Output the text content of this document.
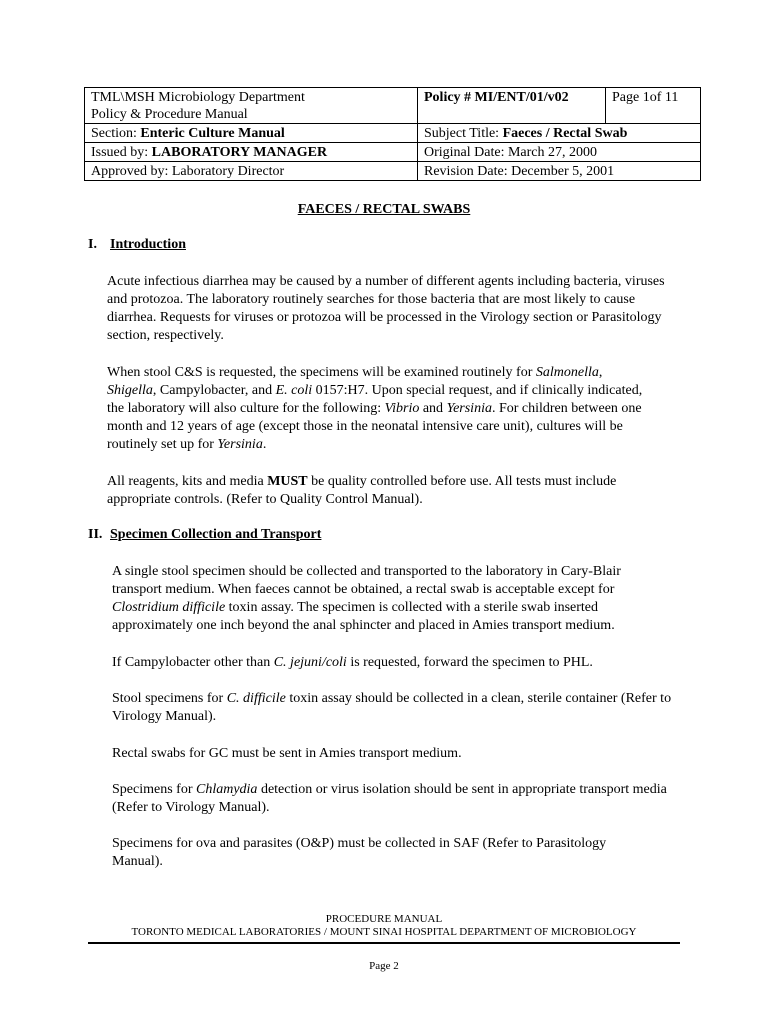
TML\MSH Microbiology Department
Policy & Procedure Manual	Policy # MI/ENT/01/v02	Page 1of 11
Section: Enteric Culture Manual	Subject Title: Faeces / Rectal Swab	
Issued by: LABORATORY MANAGER	Original Date: March 27, 2000	
Approved by: Laboratory Director	Revision Date: December 5, 2001	
FAECES / RECTAL SWABS
I. Introduction

Acute infectious diarrhea may be caused by a number of different agents including bacteria, viruses and protozoa. The laboratory routinely searches for those bacteria that are most likely to cause diarrhea. Requests for viruses or protozoa will be processed in the Virology section or Parasitology section, respectively.

When stool C&S is requested, the specimens will be examined routinely for Salmonella, Shigella, Campylobacter, and E. coli 0157:H7. Upon special request, and if clinically indicated, the laboratory will also culture for the following: Vibrio and Yersinia. For children between one month and 12 years of age (except those in the neonatal intensive care unit), cultures will be routinely set up for Yersinia.

All reagents, kits and media MUST be quality controlled before use. All tests must include appropriate controls. (Refer to Quality Control Manual).

II. Specimen Collection and Transport

A single stool specimen should be collected and transported to the laboratory in Cary-Blair transport medium. When faeces cannot be obtained, a rectal swab is acceptable except for Clostridium difficile toxin assay. The specimen is collected with a sterile swab inserted approximately one inch beyond the anal sphincter and placed in Amies transport medium.

If Campylobacter other than C. jejuni/coli is requested, forward the specimen to PHL.

Stool specimens for C. difficile toxin assay should be collected in a clean, sterile container (Refer to Virology Manual).

Rectal swabs for GC must be sent in Amies transport medium.

Specimens for Chlamydia detection or virus isolation should be sent in appropriate transport media (Refer to Virology Manual).

Specimens for ova and parasites (O&P) must be collected in SAF (Refer to Parasitology Manual).

PROCEDURE MANUAL
TORONTO MEDICAL LABORATORIES / MOUNT SINAI HOSPITAL DEPARTMENT OF MICROBIOLOGY
Page 2
